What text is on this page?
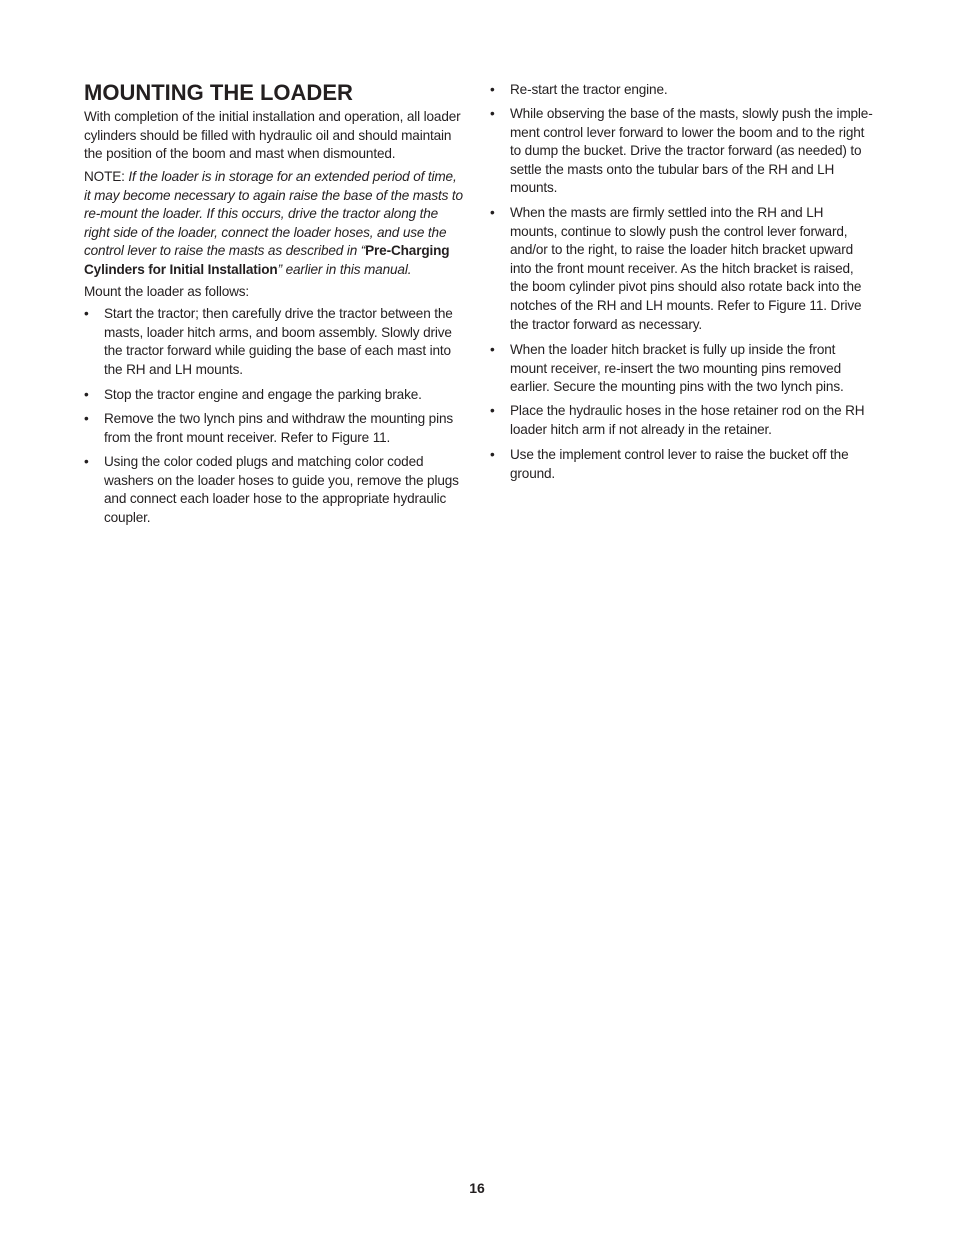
MOUNTING THE LOADER

With completion of the initial installation and operation, all loader cylinders should be filled with hydraulic oil and should maintain the position of the boom and mast when dismounted.

NOTE: If the loader is in storage for an extended period of time, it may become necessary to again raise the base of the masts to re-mount the loader. If this occurs, drive the tractor along the right side of the loader, connect the loader hoses, and use the control lever to raise the masts as described in “Pre-Charging Cylinders for Initial Installation” earlier in this manual.

Mount the loader as follows:

•	Start the tractor; then carefully drive the tractor between the masts, loader hitch arms, and boom assembly. Slowly drive the tractor forward while guiding the base of each mast into the RH and LH mounts.
•	Stop the tractor engine and engage the parking brake.
•	Remove the two lynch pins and withdraw the mounting pins from the front mount receiver. Refer to Figure 11.
•	Using the color coded plugs and matching color coded washers on the loader hoses to guide you, remove the plugs and connect each loader hose to the appropriate hydraulic coupler.
•	Re-start the tractor engine.
•	While observing the base of the masts, slowly push the imple-ment control lever forward to lower the boom and to the right to dump the bucket. Drive the tractor forward (as needed) to settle the masts onto the tubular bars of the RH and LH mounts.
•	When the masts are firmly settled into the RH and LH mounts, continue to slowly push the control lever forward, and/or to the right, to raise the loader hitch bracket upward into the front mount receiver. As the hitch bracket is raised, the boom cylinder pivot pins should also rotate back into the notches of the RH and LH mounts. Refer to Figure 11. Drive the tractor forward as necessary.
•	When the loader hitch bracket is fully up inside the front mount receiver, re-insert the two mounting pins removed earlier. Secure the mounting pins with the two lynch pins.
•	Place the hydraulic hoses in the hose retainer rod on the RH loader hitch arm if not already in the retainer.
•	Use the implement control lever to raise the bucket off the ground.
16
